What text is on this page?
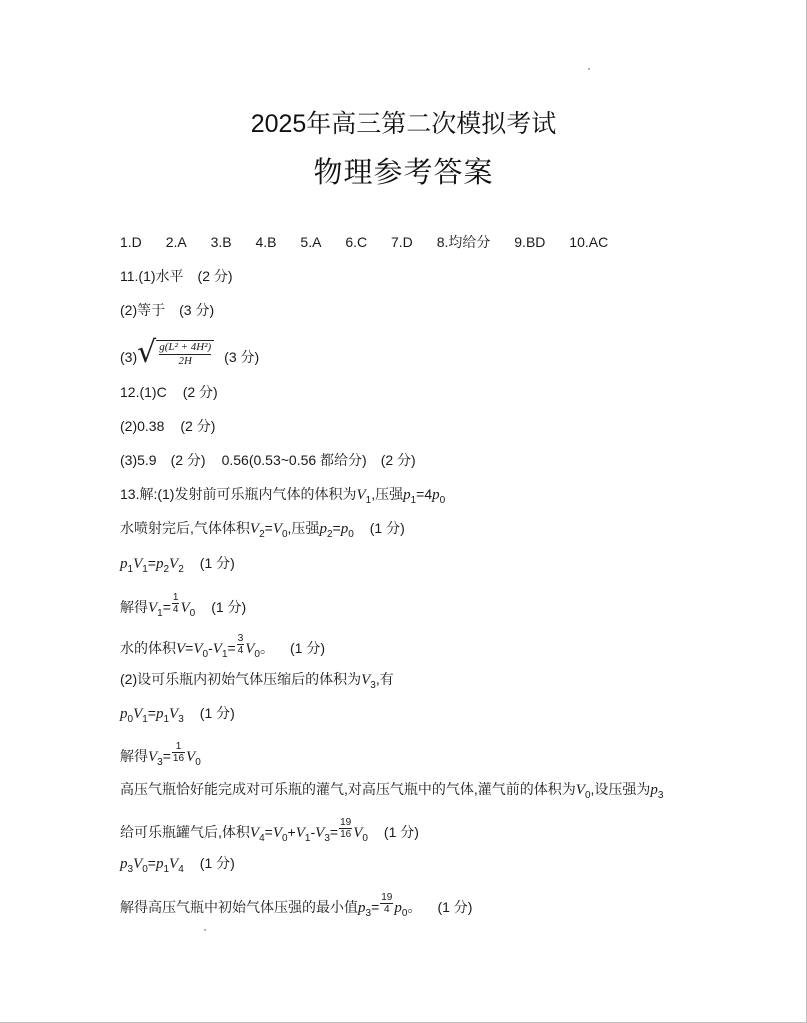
2025年高三第二次模拟考试
物理参考答案
1.D 2.A 3.B 4.B 5.A 6.C 7.D 8.均给分 9.BD 10.AC
11.(1)水平 (2 分)
(2)等于 (3 分)
(3) √ $\frac{\text{g(L² + 4H²)}}{2H} (3$ 分)
12.(1)C (2 分)
(2)0.38 (2 分)
(3)5.9 (2 分) 0.56(0.53~0.56 都给分) (2 分)
13.解:(1)发射前可乐瓶内气体的体积为$V_1$,压强$p_1=4p_0$
水喷射完后,气体体积$V_2=V_0$,压强$p_2=p_0$ (1 分)
$p_1V_1=p_2V_2$ (1 分)
解得$V_1= \frac{1}{4} V_0$ (1 分)
水的体积$V=V_0-V_1= \frac{3}{4} V_0$。 (1 分)
(2)设可乐瓶内初始气体压缩后的体积为$V_3$,有
$p_0V_1=p_1V_3$ (1 分)
解得$V_3= \frac{1}{16} V_0$
高压气瓶恰好能完成对可乐瓶的灌气,对高压气瓶中的气体,灌气前的体积为$V_0$,设压强为$p_3$
给可乐瓶罐气后,体积$V_4=V_0+V_1-V_3= \frac{19}{16} V_0$ (1 分)
$p_3V_0=p_1V_4$ (1 分)
解得高压气瓶中初始气体压强的最小值$p_3= \frac{19}{4} p_0$。 (1 分)
